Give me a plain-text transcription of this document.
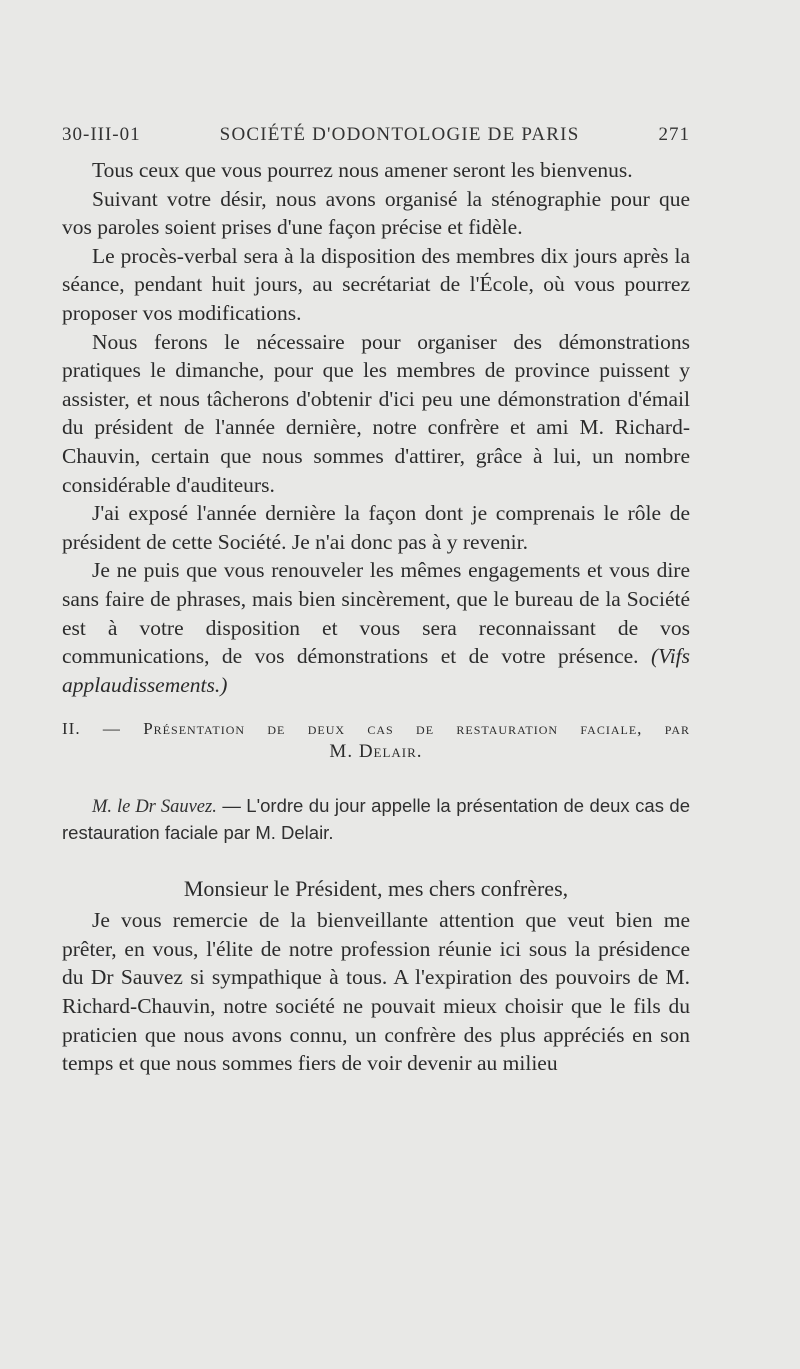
30-III-01	SOCIÉTÉ D'ODONTOLOGIE DE PARIS	271

Tous ceux que vous pourrez nous amener seront les bienvenus.

Suivant votre désir, nous avons organisé la sténographie pour que vos paroles soient prises d'une façon précise et fidèle.

Le procès-verbal sera à la disposition des membres dix jours après la séance, pendant huit jours, au secrétariat de l'École, où vous pourrez proposer vos modifications.

Nous ferons le nécessaire pour organiser des démonstrations pratiques le dimanche, pour que les membres de province puissent y assister, et nous tâcherons d'obtenir d'ici peu une démonstration d'émail du président de l'année dernière, notre confrère et ami M. Richard-Chauvin, certain que nous sommes d'attirer, grâce à lui, un nombre considérable d'auditeurs.

J'ai exposé l'année dernière la façon dont je comprenais le rôle de président de cette Société. Je n'ai donc pas à y revenir.

Je ne puis que vous renouveler les mêmes engagements et vous dire sans faire de phrases, mais bien sincèrement, que le bureau de la Société est à votre disposition et vous sera reconnaissant de vos communications, de vos démonstrations et de votre présence. (Vifs applaudissements.)

II. — Présentation de deux cas de restauration faciale, par
M. Delair.

M. le Dr Sauvez. — L'ordre du jour appelle la présentation de deux cas de restauration faciale par M. Delair.

Monsieur le Président, mes chers confrères,

Je vous remercie de la bienveillante attention que veut bien me prêter, en vous, l'élite de notre profession réunie ici sous la présidence du Dr Sauvez si sympathique à tous. A l'expiration des pouvoirs de M. Richard-Chauvin, notre société ne pouvait mieux choisir que le fils du praticien que nous avons connu, un confrère des plus appréciés en son temps et que nous sommes fiers de voir devenir au milieu
